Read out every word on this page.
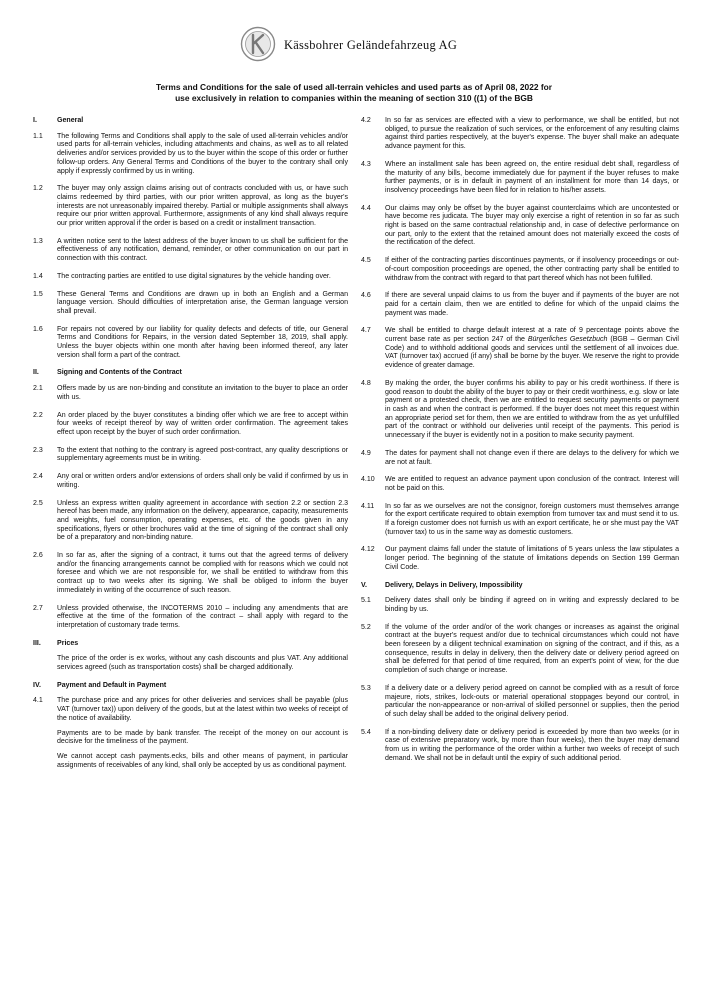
Kässbohrer Geländefahrzeug AG
Terms and Conditions for the sale of used all-terrain vehicles and used parts as of April 08, 2022 for
use exclusively in relation to companies within the meaning of section 310 ((1) of the BGB
I.	General
1.1	The following Terms and Conditions shall apply to the sale of used all-terrain vehicles and/or used parts for all-terrain vehicles, including attachments and chains, as well as to all related deliveries and/or services provided by us to the buyer within the scope of this order or further follow-up orders. Any General Terms and Conditions of the buyer to the contrary shall only apply if expressly confirmed by us in writing.
1.2	The buyer may only assign claims arising out of contracts concluded with us, or have such claims redeemed by third parties, with our prior written approval, as long as the buyer's interests are not unreasonably impaired thereby. Partial or multiple assignments shall always require our prior written approval. Furthermore, assignments of any kind shall always require our prior written approval if the order is based on a credit or installment transaction.
1.3	A written notice sent to the latest address of the buyer known to us shall be sufficient for the effectiveness of any notification, demand, reminder, or other communication on our part in connection with this contract.
1.4	The contracting parties are entitled to use digital signatures by the vehicle handing over.
1.5	These General Terms and Conditions are drawn up in both an English and a German language version. Should difficulties of interpretation arise, the German language version shall prevail.
1.6	For repairs not covered by our liability for quality defects and defects of title, our General Terms and Conditions for Repairs, in the version dated September 18, 2019, shall apply. Unless the buyer objects within one month after having been informed thereof, any later version shall form a part of the contract.
II.	Signing and Contents of the Contract
2.1	Offers made by us are non-binding and constitute an invitation to the buyer to place an order with us.
2.2	An order placed by the buyer constitutes a binding offer which we are free to accept within four weeks of receipt thereof by way of written order confirmation. The agreement takes effect upon receipt by the buyer of such order confirmation.
2.3	To the extent that nothing to the contrary is agreed post-contract, any quality descriptions or supplementary agreements must be in writing.
2.4	Any oral or written orders and/or extensions of orders shall only be valid if confirmed by us in writing.
2.5	Unless an express written quality agreement in accordance with section 2.2 or section 2.3 hereof has been made, any information on the delivery, appearance, capacity, measurements and weights, fuel consumption, operating expenses, etc. of the goods given in any specifications, flyers or other brochures valid at the time of signing of the contract shall only be of a preparatory and non-binding nature.
2.6	In so far as, after the signing of a contract, it turns out that the agreed terms of delivery and/or the financing arrangements cannot be complied with for reasons which we could not foresee and which we are not responsible for, we shall be entitled to withdraw from this contract up to two weeks after its signing. We shall be obliged to inform the buyer immediately in writing of the occurrence of such reason.
2.7	Unless provided otherwise, the INCOTERMS 2010 – including any amendments that are effective at the time of the formation of the contract – shall apply with regard to the interpretation of customary trade terms.
III.	Prices
The price of the order is ex works, without any cash discounts and plus VAT. Any additional services agreed (such as transportation costs) shall be charged additionally.
IV.	Payment and Default in Payment
4.1	The purchase price and any prices for other deliveries and services shall be payable (plus VAT (turnover tax)) upon delivery of the goods, but at the latest within two weeks of receipt of the notice of availability.

Payments are to be made by bank transfer. The receipt of the money on our account is decisive for the timeliness of the payment.

We cannot accept cash payments.ecks, bills and other means of payment, in particular assignments of receivables of any kind, shall only be accepted by us as conditional payment.

4.2	In so far as services are effected with a view to performance, we shall be entitled, but not obliged, to pursue the realization of such services, or the enforcement of any resulting claims against third parties respectively, at the buyer's expense. The buyer shall make an adequate advance payment for this.
4.3	Where an installment sale has been agreed on, the entire residual debt shall, regardless of the maturity of any bills, become immediately due for payment if the buyer refuses to make further payments, or is in default in payment of an installment for more than 14 days, or insolvency proceedings have been filed for in relation to his/her assets.
4.4	Our claims may only be offset by the buyer against counterclaims which are uncontested or have become res judicata. The buyer may only exercise a right of retention in so far as such right is based on the same contractual relationship and, in case of defective performance on our part, only to the extent that the retained amount does not materially exceed the costs of the rectification of the defect.
4.5	If either of the contracting parties discontinues payments, or if insolvency proceedings or out-of-court composition proceedings are opened, the other contracting party shall be entitled to withdraw from the contract with regard to that part thereof which has not been fulfilled.
4.6	If there are several unpaid claims to us from the buyer and if payments of the buyer are not paid for a certain claim, then we are entitled to define for which of the unpaid claims the payment was made.
4.7	We shall be entitled to charge default interest at a rate of 9 percentage points above the current base rate as per section 247 of the Bürgerliches Gesetzbuch (BGB – German Civil Code) and to withhold additional goods and services until the settlement of all invoices due. VAT (turnover tax) accrued (if any) shall be borne by the buyer. We reserve the right to provide evidence of greater damage.
4.8	By making the order, the buyer confirms his ability to pay or his credit worthiness. If there is good reason to doubt the ability of the buyer to pay or their credit worthiness, e.g. slow or late payment or a protested check, then we are entitled to request security payments or payment in cash as and when the contract is performed. If the buyer does not meet this request within an appropriate period set for them, then we are entitled to withdraw from the as yet unfulfilled part of the contract or withhold our deliveries until receipt of the payments. This period is unnecessary if the buyer is evidently not in a position to make security payment.
4.9	The dates for payment shall not change even if there are delays to the delivery for which we are not at fault.
4.10	We are entitled to request an advance payment upon conclusion of the contract. Interest will not be paid on this.
4.11	In so far as we ourselves are not the consignor, foreign customers must themselves arrange for the export certificate required to obtain exemption from turnover tax and must send it to us. If a foreign customer does not furnish us with an export certificate, he or she must pay the VAT (turnover tax) to us in the same way as domestic customers.
4.12	Our payment claims fall under the statute of limitations of 5 years unless the law stipulates a longer period. The beginning of the statute of limitations depends on Section 199 German Civil Code.
V.	Delivery, Delays in Delivery, Impossibility
5.1	Delivery dates shall only be binding if agreed on in writing and expressly declared to be binding by us.
5.2	If the volume of the order and/or of the work changes or increases as against the original contract at the buyer's request and/or due to technical circumstances which could not have been foreseen by a diligent technical examination on signing of the contract, and if this, as a consequence, results in delay in delivery, then the delivery date or delivery period agreed on shall be deferred for that period of time required, from an expert's point of view, for the due completion of such change or increase.
5.3	If a delivery date or a delivery period agreed on cannot be complied with as a result of force majeure, riots, strikes, lock-outs or material operational stoppages beyond our control, in particular the non-appearance or non-arrival of skilled personnel or supplies, then the period of such delay shall be added to the original delivery period.
5.4	If a non-binding delivery date or delivery period is exceeded by more than two weeks (or in case of extensive preparatory work, by more than four weeks), then the buyer may demand from us in writing the performance of the order within a further two weeks of receipt of such demand. We shall not be in default until the expiry of such additional period.
